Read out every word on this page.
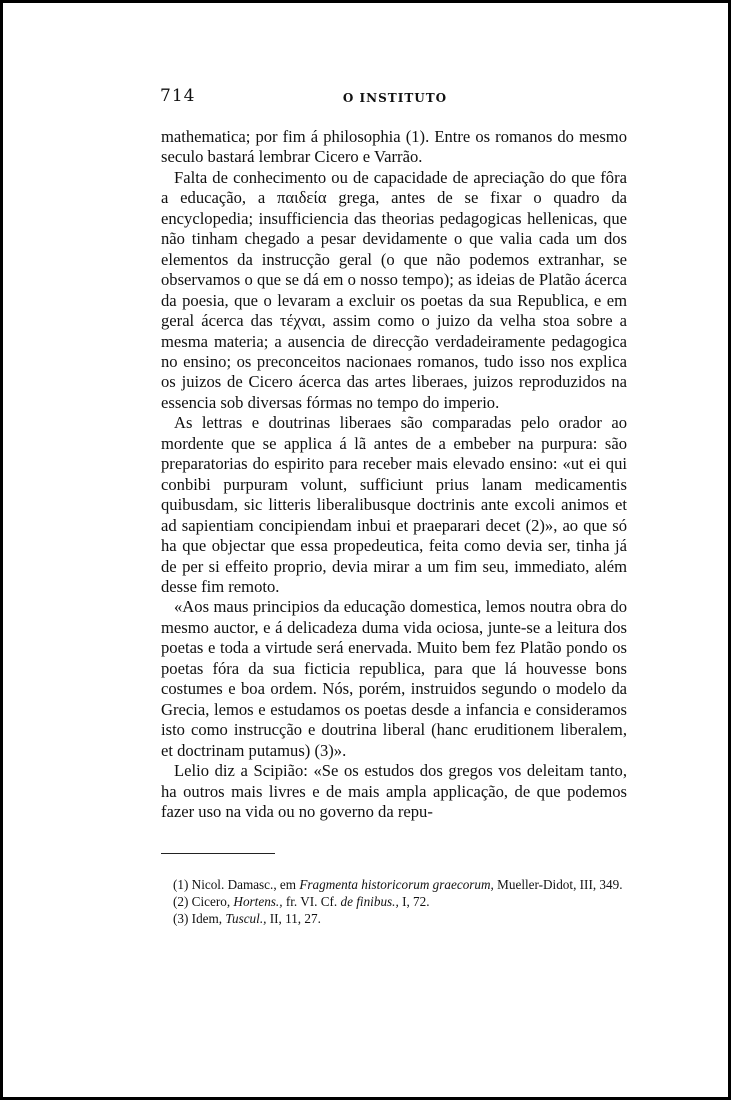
714	O INSTITUTO

mathematica; por fim á philosophia (1). Entre os romanos do mesmo seculo bastará lembrar Cicero e Varrão.

Falta de conhecimento ou de capacidade de apreciação do que fôra a educação, a παιδεία grega, antes de se fixar o quadro da encyclopedia; insufficiencia das theorias pedagogicas hellenicas, que não tinham chegado a pesar devidamente o que valia cada um dos elementos da instrucção geral (o que não podemos extranhar, se observamos o que se dá em o nosso tempo); as ideias de Platão ácerca da poesia, que o levaram a excluir os poetas da sua Republica, e em geral ácerca das τέχναι, assim como o juizo da velha stoa sobre a mesma materia; a ausencia de direcção verdadeiramente pedagogica no ensino; os preconceitos nacionaes romanos, tudo isso nos explica os juizos de Cicero ácerca das artes liberaes, juizos reproduzidos na essencia sob diversas fórmas no tempo do imperio.

As lettras e doutrinas liberaes são comparadas pelo orador ao mordente que se applica á lã antes de a embeber na purpura: são preparatorias do espirito para receber mais elevado ensino: «ut ei qui conbibi purpuram volunt, sufficiunt prius lanam medicamentis quibusdam, sic litteris liberalibusque doctrinis ante excoli animos et ad sapientiam concipiendam inbui et praeparari decet (2)», ao que só ha que objectar que essa propedeutica, feita como devia ser, tinha já de per si effeito proprio, devia mirar a um fim seu, immediato, além desse fim remoto.

«Aos maus principios da educação domestica, lemos noutra obra do mesmo auctor, e á delicadeza duma vida ociosa, junte-se a leitura dos poetas e toda a virtude será enervada. Muito bem fez Platão pondo os poetas fóra da sua ficticia republica, para que lá houvesse bons costumes e boa ordem. Nós, porém, instruidos segundo o modelo da Grecia, lemos e estudamos os poetas desde a infancia e consideramos isto como instrucção e doutrina liberal (hanc eruditionem liberalem, et doctrinam putamus) (3)».

Lelio diz a Scipião: «Se os estudos dos gregos vos deleitam tanto, ha outros mais livres e de mais ampla applicação, de que podemos fazer uso na vida ou no governo da repu-

(1) Nicol. Damasc., em Fragmenta historicorum graecorum, Mueller-Didot, III, 349.

(2) Cicero, Hortens., fr. VI. Cf. de finibus., I, 72.

(3) Idem, Tuscul., II, 11, 27.
